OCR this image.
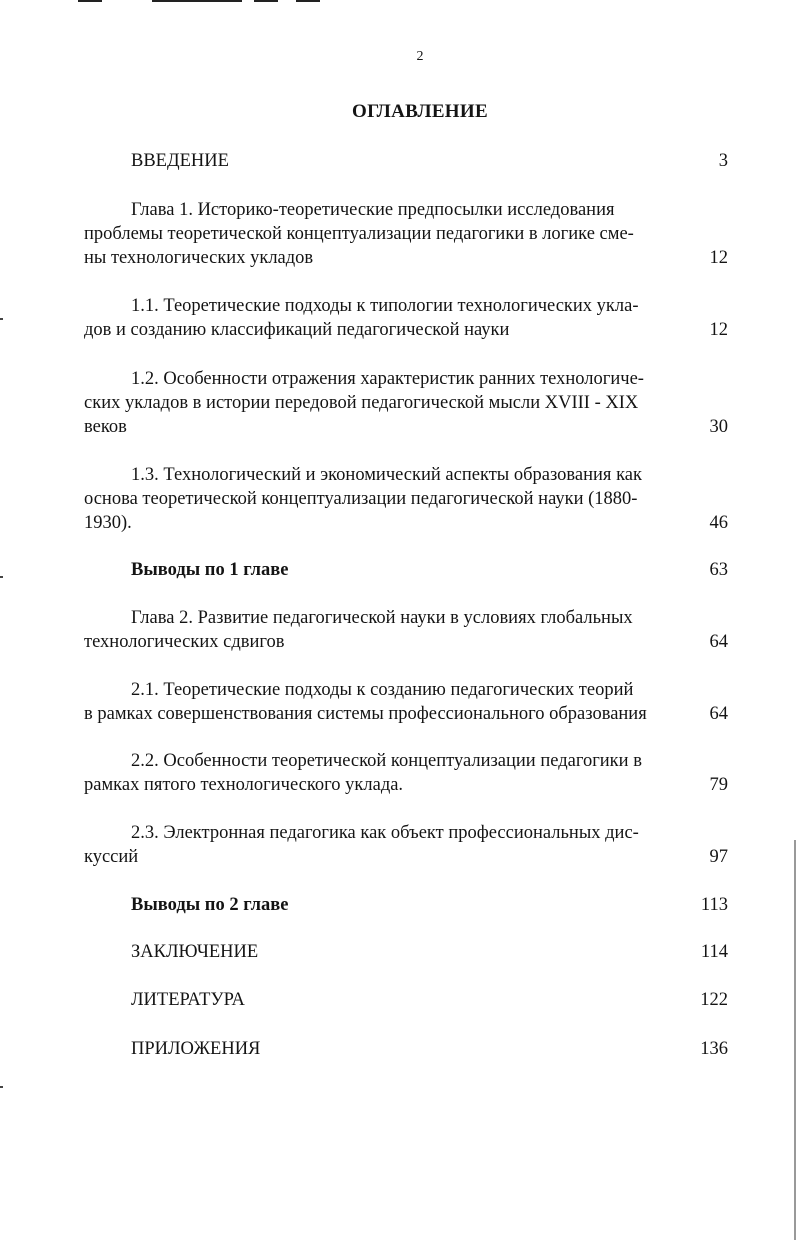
2
ОГЛАВЛЕНИЕ
ВВЕДЕНИЕ	3
Глава 1. Историко-теоретические предпосылки исследования
проблемы теоретической концептуализации педагогики в логике сме-
ны технологических укладов	12
1.1. Теоретические подходы к типологии технологических укла-
дов и созданию классификаций педагогической науки	12
1.2. Особенности отражения характеристик ранних технологиче-
ских укладов в истории передовой педагогической мысли XVIII - XIX
веков	30
1.3. Технологический и экономический аспекты образования как
основа теоретической концептуализации педагогической науки (1880-
1930).	46
Выводы по 1 главе	63
Глава 2. Развитие педагогической науки в условиях глобальных
технологических сдвигов	64
2.1. Теоретические подходы к созданию педагогических теорий
в рамках совершенствования системы профессионального образования	64
2.2. Особенности теоретической концептуализации педагогики в
рамках пятого технологического уклада.	79
2.3. Электронная педагогика как объект профессиональных дис-
куссий	97
Выводы по 2 главе	113
ЗАКЛЮЧЕНИЕ	114
ЛИТЕРАТУРА	122
ПРИЛОЖЕНИЯ	136
